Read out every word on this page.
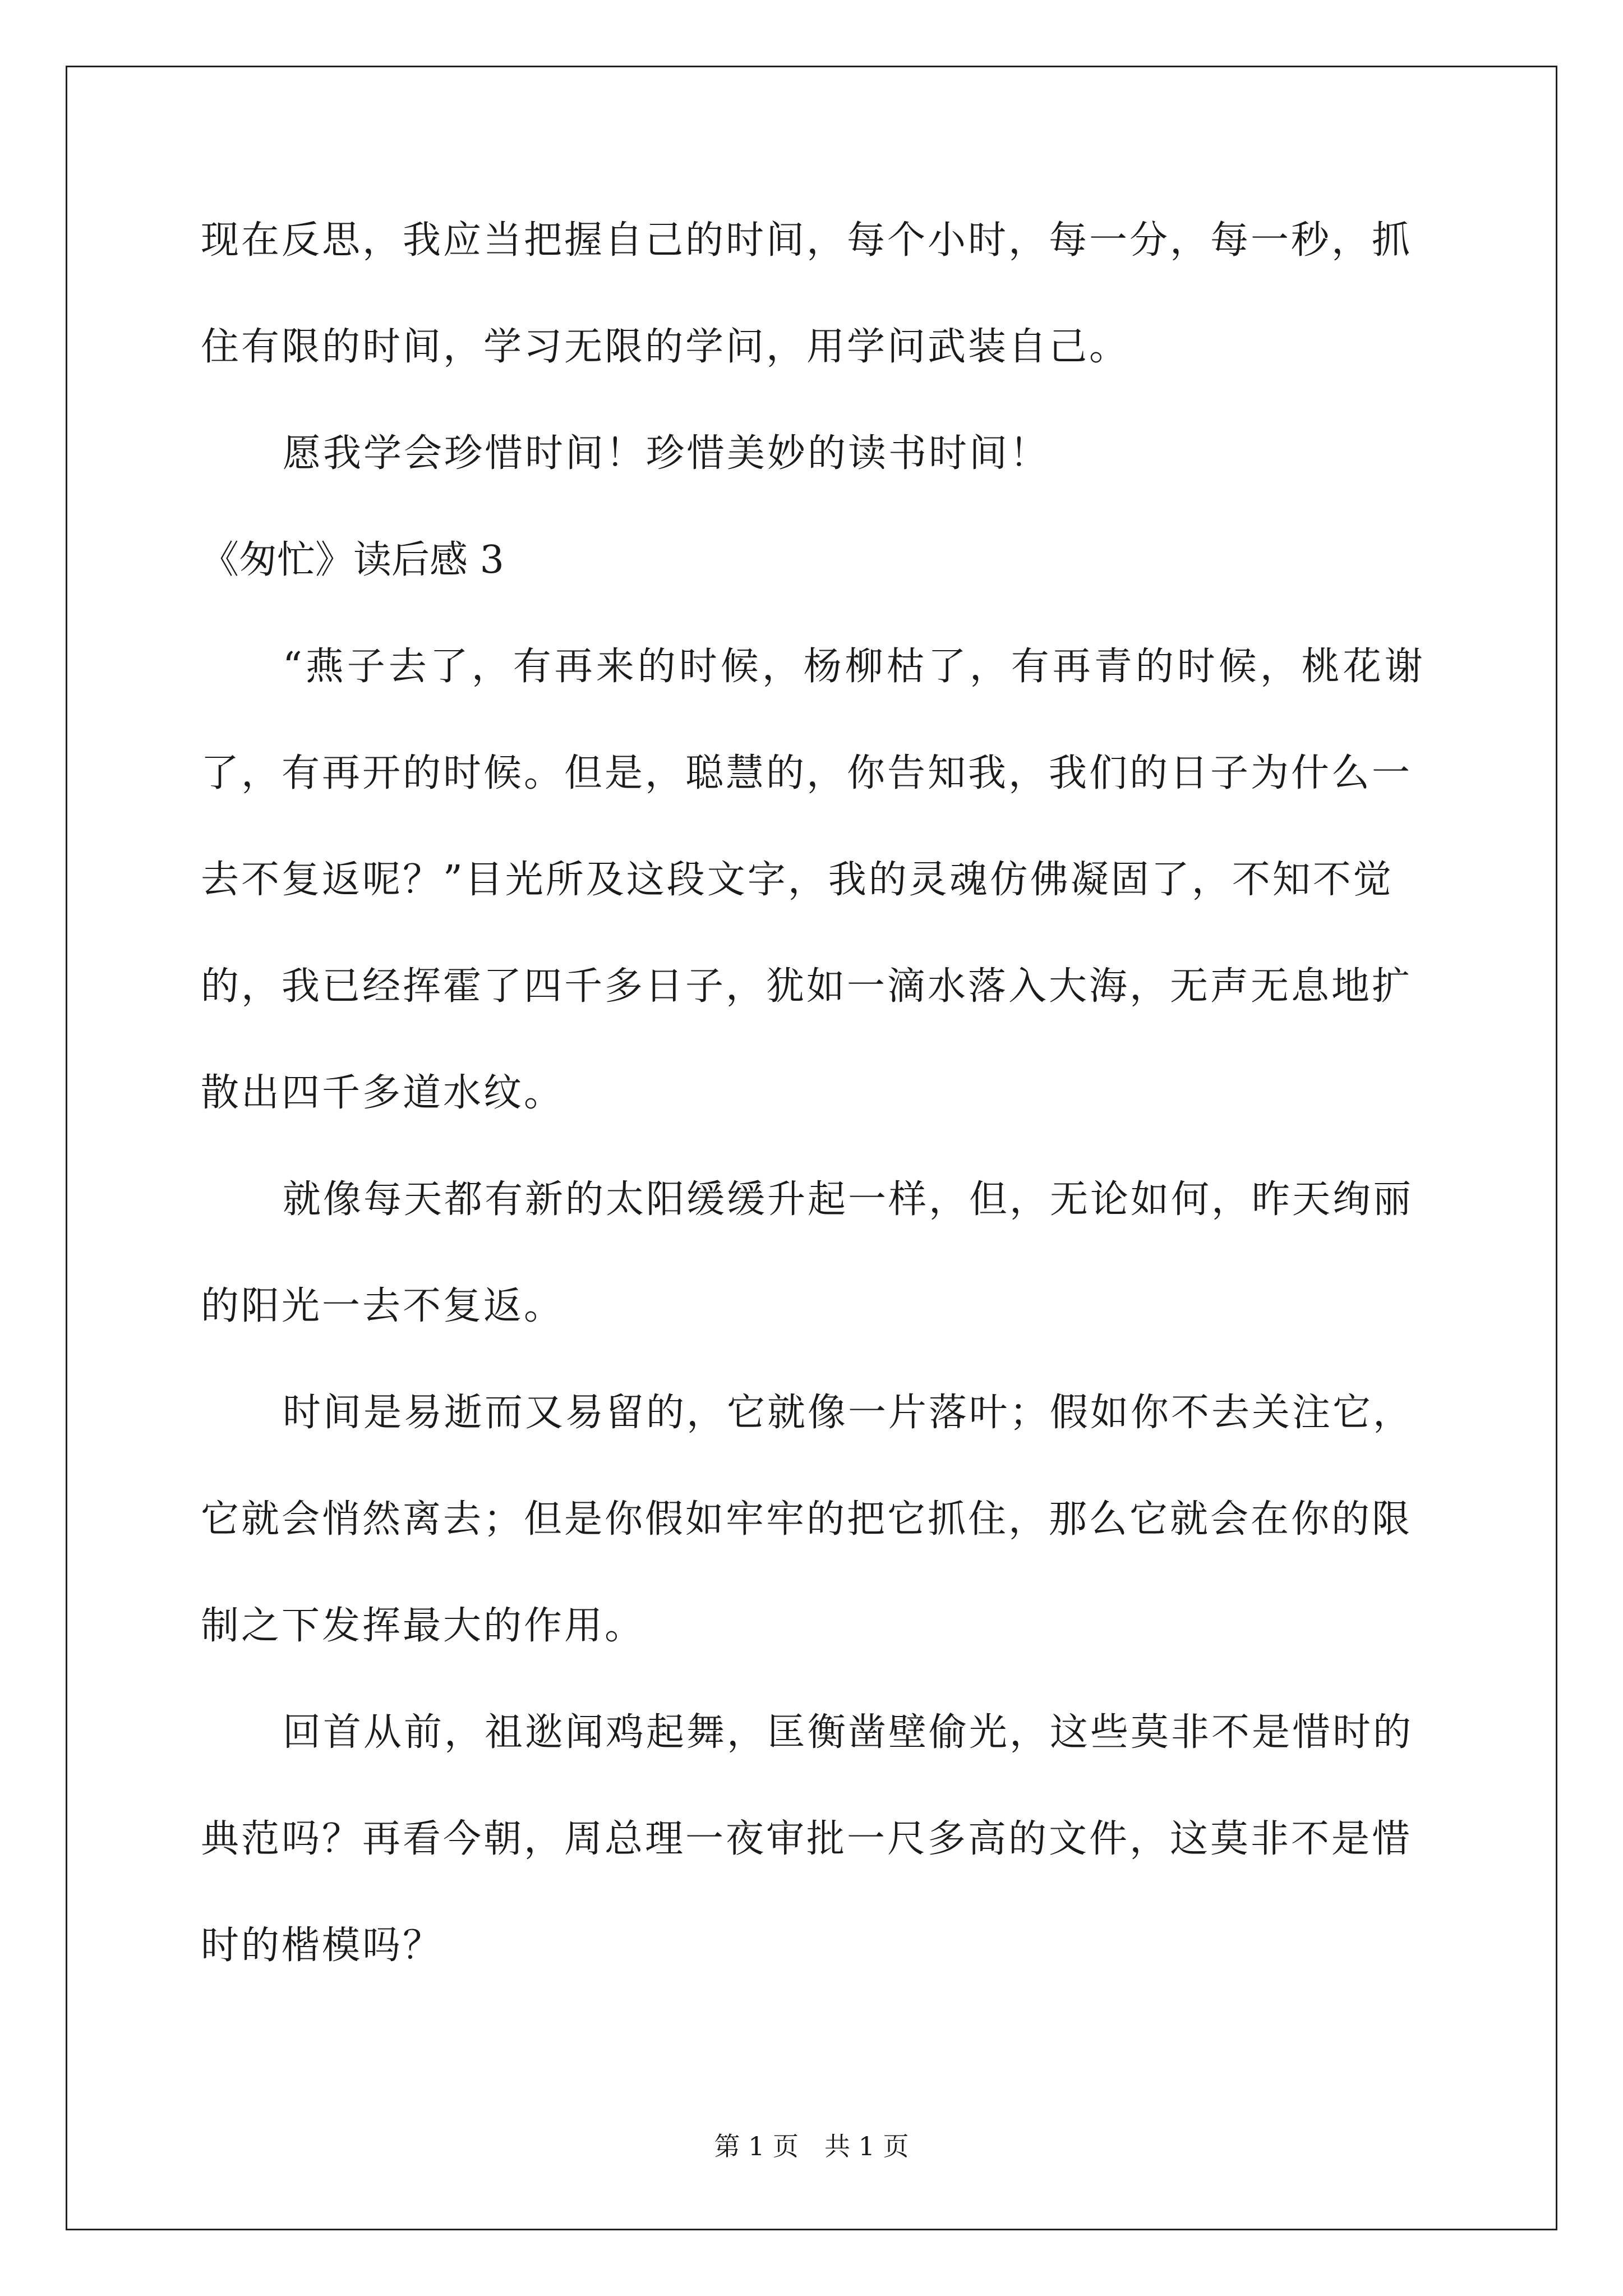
现在反思，我应当把握自己的时间，每个小时，每一分，每一秒，抓
住有限的时间，学习无限的学问，用学问武装自己。
愿我学会珍惜时间！珍惜美妙的读书时间！
《匆忙》读后感 3
“燕子去了，有再来的时候，杨柳枯了，有再青的时候，桃花谢
了，有再开的时候。但是，聪慧的，你告知我，我们的日子为什么一
去不复返呢？”目光所及这段文字，我的灵魂仿佛凝固了，不知不觉
的，我已经挥霍了四千多日子，犹如一滴水落入大海，无声无息地扩
散出四千多道水纹。
就像每天都有新的太阳缓缓升起一样，但，无论如何，昨天绚丽
的阳光一去不复返。
时间是易逝而又易留的，它就像一片落叶；假如你不去关注它，
它就会悄然离去；但是你假如牢牢的把它抓住，那么它就会在你的限
制之下发挥最大的作用。
回首从前，祖逖闻鸡起舞，匡衡凿壁偷光，这些莫非不是惜时的
典范吗？再看今朝，周总理一夜审批一尺多高的文件，这莫非不是惜
时的楷模吗？
第 1 页　共 1 页
